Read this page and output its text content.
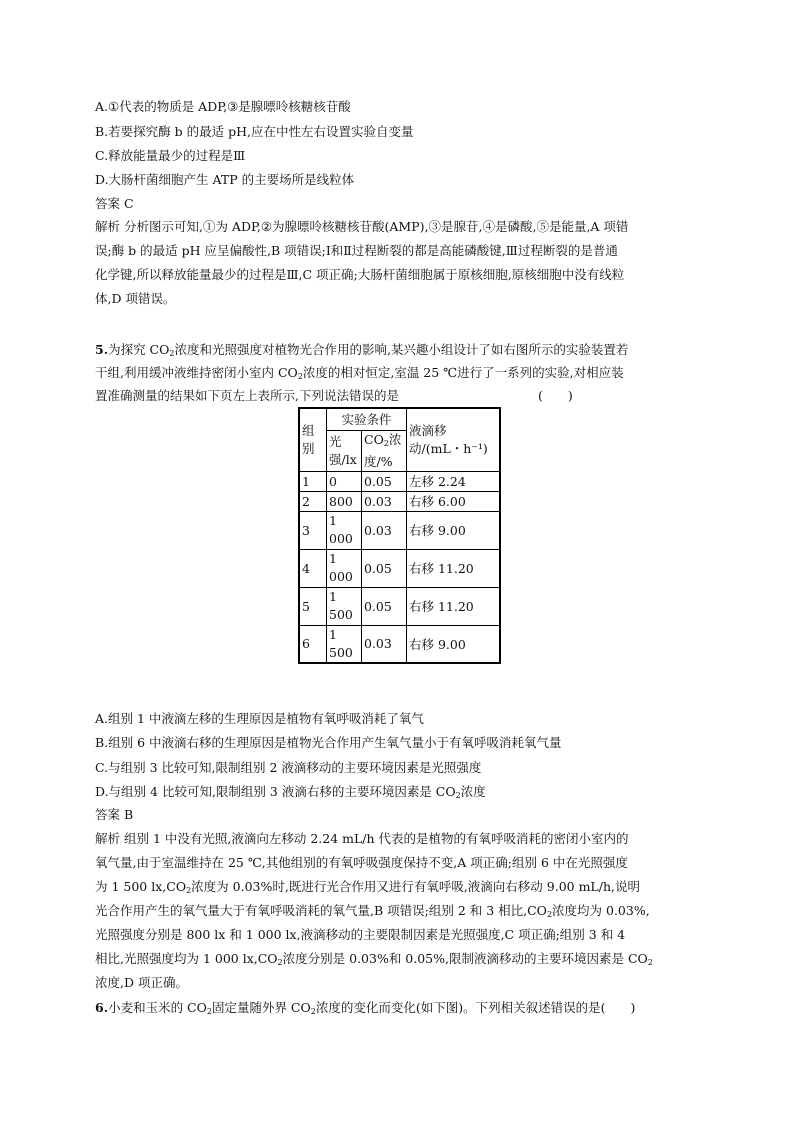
A.①代表的物质是 ADP,③是腺嘌呤核糖核苷酸
B.若要探究酶 b 的最适 pH,应在中性左右设置实验自变量
C.释放能量最少的过程是Ⅲ
D.大肠杆菌细胞产生 ATP 的主要场所是线粒体
答案 C
解析 分析图示可知,①为 ADP,②为腺嘌呤核糖核苷酸(AMP),③是腺苷,④是磷酸,⑤是能量,A 项错
误;酶 b 的最适 pH 应呈偏酸性,B 项错误;Ⅰ和Ⅱ过程断裂的都是高能磷酸键,Ⅲ过程断裂的是普通
化学键,所以释放能量最少的过程是Ⅲ,C 项正确;大肠杆菌细胞属于原核细胞,原核细胞中没有线粒
体,D 项错误。
5.为探究 $CO_2$浓度和光照强度对植物光合作用的影响,某兴趣小组设计了如右图所示的实验装置若
干组,利用缓冲液维持密闭小室内 $CO_2$浓度的相对恒定,室温 25 ℃进行了一系列的实验,对相应装
置准确测量的结果如下页左上表所示,下列说法错误的是	(　　)
组别	实验条件		液滴移动/(mL・h⁻¹)
	光强/lx	$CO_2$浓度/%	
1	0	0.05	左移 2.24
2	800	0.03	右移 6.00
3	1 000	0.03	右移 9.00
4	1 000	0.05	右移 11.20
5	1 500	0.05	右移 11.20
6	1 500	0.03	右移 9.00
A.组别 1 中液滴左移的生理原因是植物有氧呼吸消耗了氧气
B.组别 6 中液滴右移的生理原因是植物光合作用产生氧气量小于有氧呼吸消耗氧气量
C.与组别 3 比较可知,限制组别 2 液滴移动的主要环境因素是光照强度
D.与组别 4 比较可知,限制组别 3 液滴右移的主要环境因素是 $CO_2$浓度
答案 B
解析 组别 1 中没有光照,液滴向左移动 2.24 mL/h 代表的是植物的有氧呼吸消耗的密闭小室内的
氧气量,由于室温维持在 25 ℃,其他组别的有氧呼吸强度保持不变,A 项正确;组别 6 中在光照强度
为 1 500 $lx,CO_2$浓度为 0.03%时,既进行光合作用又进行有氧呼吸,液滴向右移动 9.00 mL/h,说明
光合作用产生的氧气量大于有氧呼吸消耗的氧气量,B 项错误;组别 2 和 3 相比$,CO_2$浓度均为 0.03%,
光照强度分别是 800 lx 和 1 000 lx,液滴移动的主要限制因素是光照强度,C 项正确;组别 3 和 4
相比,光照强度均为 1 000 $lx,CO_2$浓度分别是 0.03%和 0.05%,限制液滴移动的主要环境因素是 $CO_2$
浓度,D 项正确。
6.小麦和玉米的 $CO_2$固定量随外界 $CO_2$浓度的变化而变化(如下图)。下列相关叙述错误的是(　　)
